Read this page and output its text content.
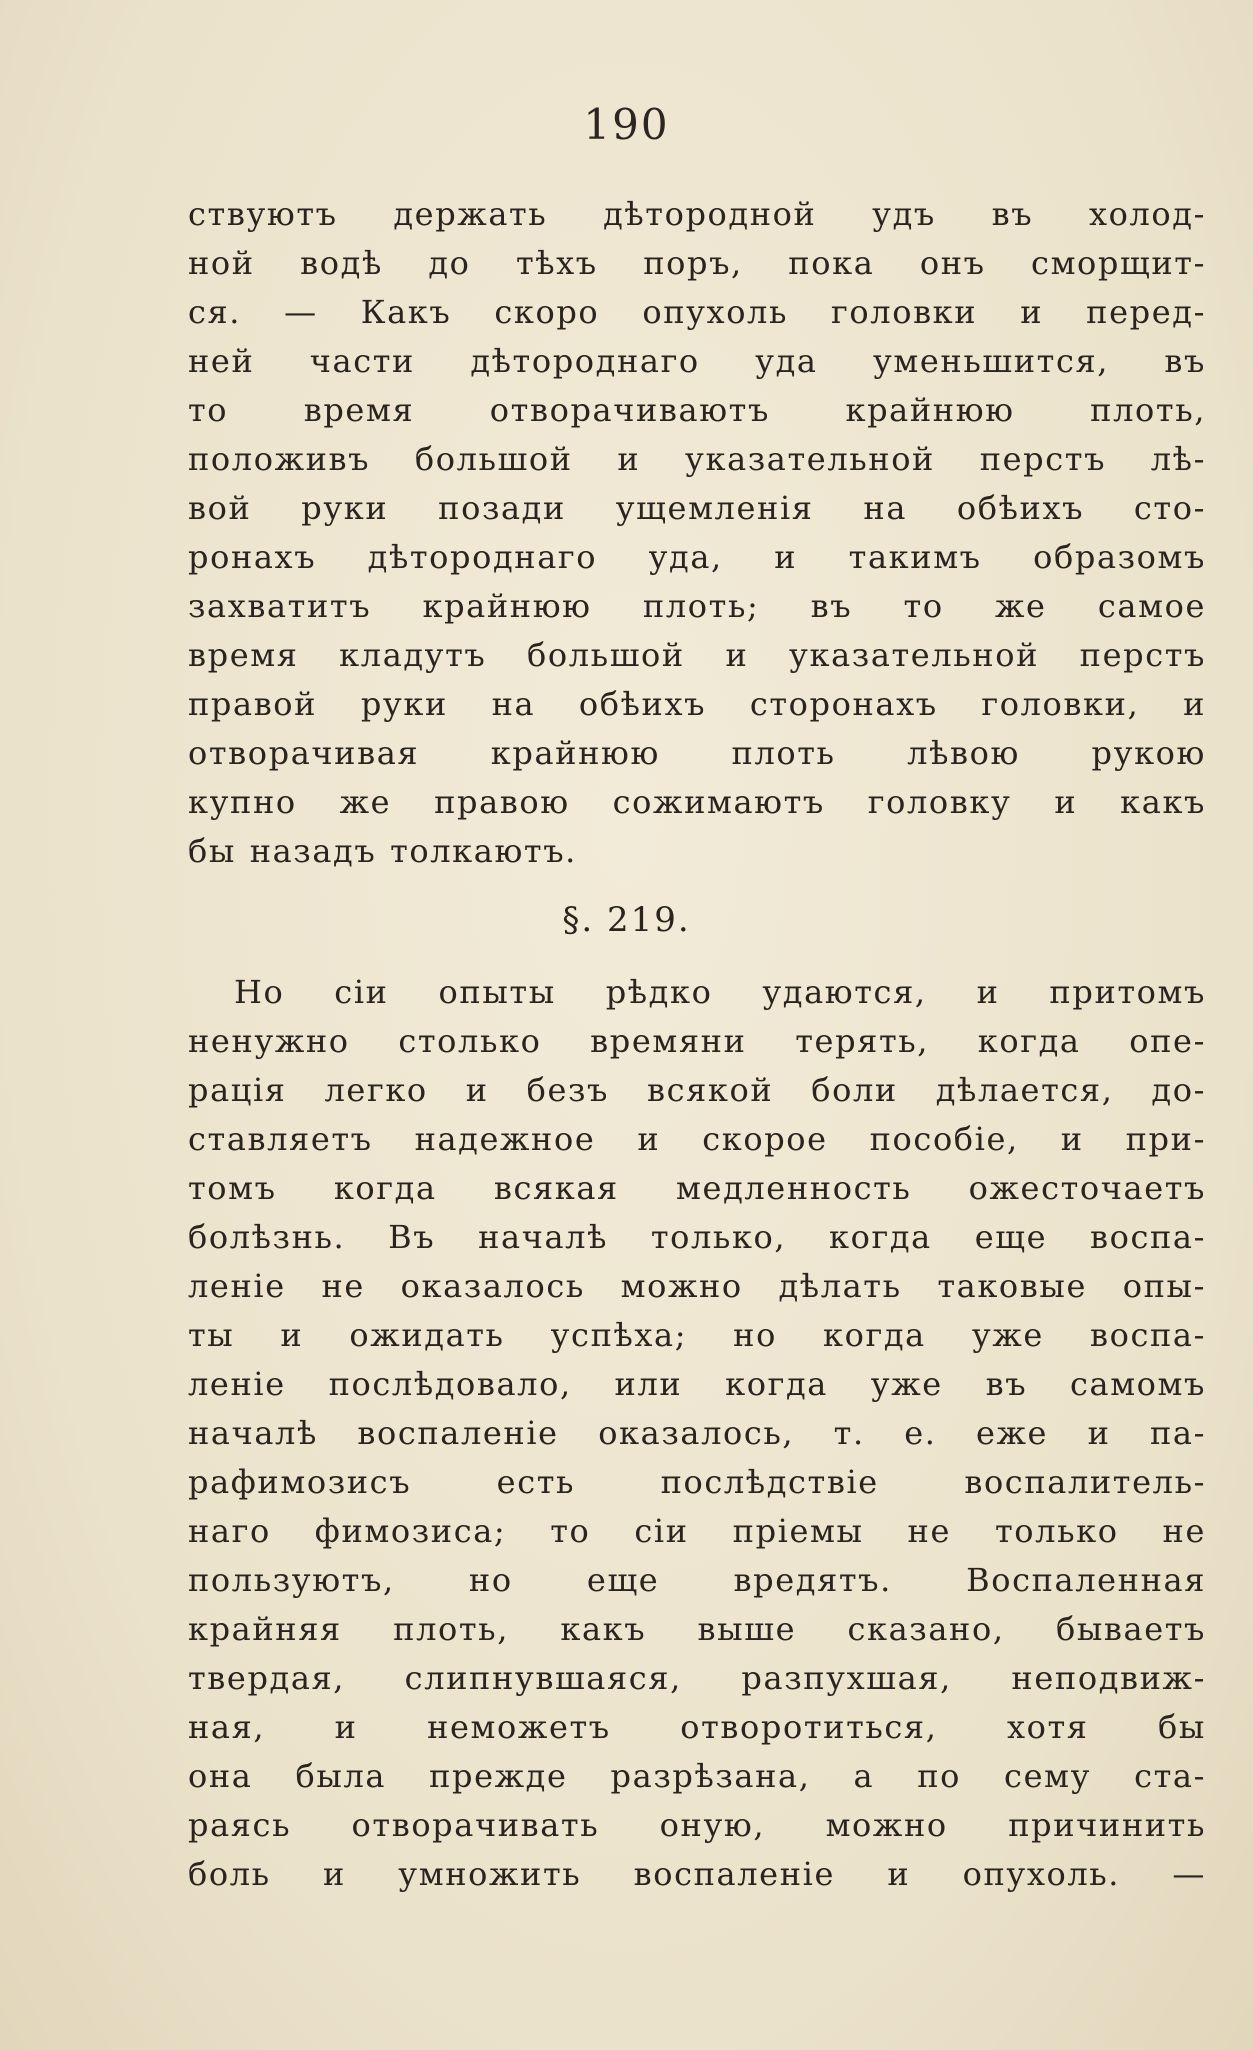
190
ствуютъ держать дѣтородной удъ въ холод-
ной водѣ до тѣхъ поръ, пока онъ сморщит-
ся. — Какъ скоро опухоль головки и перед-
ней части дѣтороднаго уда уменьшится, въ
то время отворачиваютъ крайнюю плоть,
положивъ большой и указательной перстъ лѣ-
вой руки позади ущемленія на обѣихъ сто-
ронахъ дѣтороднаго уда, и такимъ образомъ
захватитъ крайнюю плоть; въ то же самое
время кладутъ большой и указательной перстъ
правой руки на обѣихъ сторонахъ головки, и
отворачивая крайнюю плоть лѣвою рукою
купно же правою сожимаютъ головку и какъ
бы назадъ толкаютъ.
§. 219.
Но сіи опыты рѣдко удаются, и притомъ
ненужно столько времяни терять, когда опе-
рація легко и безъ всякой боли дѣлается, до-
ставляетъ надежное и скорое пособіе, и при-
томъ когда всякая медленность ожесточаетъ
болѣзнь. Въ началѣ только, когда еще воспа-
леніе не оказалось можно дѣлать таковые опы-
ты и ожидать успѣха; но когда уже воспа-
леніе послѣдовало, или когда уже въ самомъ
началѣ воспаленіе оказалось, т. е. еже и па-
рафимозисъ есть послѣдствіе воспалитель-
наго фимозиса; то сіи пріемы не только не
пользуютъ, но еще вредятъ. Воспаленная
крайняя плоть, какъ выше сказано, бываетъ
твердая, слипнувшаяся, разпухшая, неподвиж-
ная, и неможетъ отворотиться, хотя бы
она была прежде разрѣзана, а по сему ста-
раясь отворачивать оную, можно причинить
боль и умножить воспаленіе и опухоль. —
